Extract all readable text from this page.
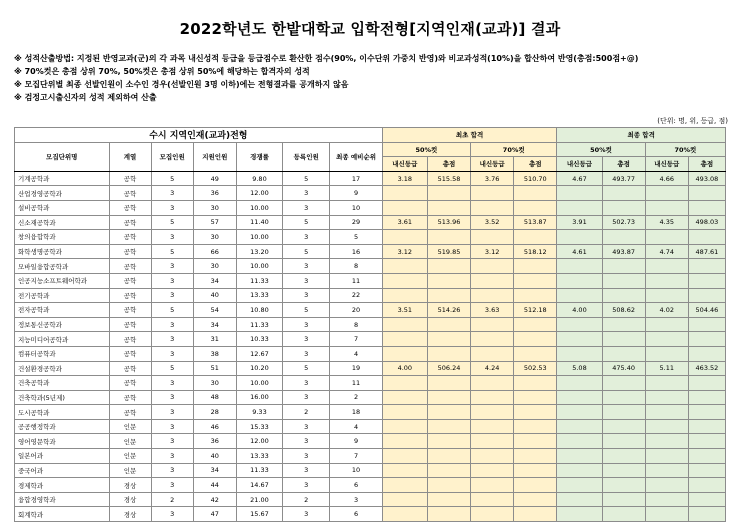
2022학년도 한밭대학교 입학전형[지역인재(교과)] 결과
※ 성적산출방법: 지정된 반영교과(군)의 각 과목 내신성적 등급을 등급점수로 환산한 점수(90%, 이수단위 가중치 반영)와 비교과성적(10%)을 합산하여 반영(총점:500점+@)
※ 70%컷은 총점 상위 70%, 50%컷은 총점 상위 50%에 해당하는 합격자의 성적
※ 모집단위별 최종 선발인원이 소수인 경우(선발인원 3명 이하)에는 전형결과를 공개하지 않음
※ 검정고시출신자의 성적 제외하여 산출
(단위: 명, 위, 등급, 점)
수시 지역인재(교과)전형							최초 합격				최종 합격			
모집단위명	계열	모집인원	지원인원	경쟁률	등록인원	최종 예비순위	50%컷		70%컷		50%컷		70%컷	
							내신등급	총점	내신등급	총점	내신등급	총점	내신등급	총점
기계공학과	공학	5	49	9.80	5	17	3.18	515.58	3.76	510.70	4.67	493.77	4.66	493.08
산업경영공학과	공학	3	36	12.00	3	9								
설비공학과	공학	3	30	10.00	3	10								
신소재공학과	공학	5	57	11.40	5	29	3.61	513.96	3.52	513.87	3.91	502.73	4.35	498.03
창의융합학과	공학	3	30	10.00	3	5								
화학생명공학과	공학	5	66	13.20	5	16	3.12	519.85	3.12	518.12	4.61	493.87	4.74	487.61
모바일융합공학과	공학	3	30	10.00	3	8								
인공지능소프트웨어학과	공학	3	34	11.33	3	11								
전기공학과	공학	3	40	13.33	3	22								
전자공학과	공학	5	54	10.80	5	20	3.51	514.26	3.63	512.18	4.00	508.62	4.02	504.46
정보통신공학과	공학	3	34	11.33	3	8								
지능미디어공학과	공학	3	31	10.33	3	7								
컴퓨터공학과	공학	3	38	12.67	3	4								
건설환경공학과	공학	5	51	10.20	5	19	4.00	506.24	4.24	502.53	5.08	475.40	5.11	463.52
건축공학과	공학	3	30	10.00	3	11								
건축학과(5년제)	공학	3	48	16.00	3	2								
도시공학과	공학	3	28	9.33	2	18								
공공행정학과	인문	3	46	15.33	3	4								
영어영문학과	인문	3	36	12.00	3	9								
일본어과	인문	3	40	13.33	3	7								
중국어과	인문	3	34	11.33	3	10								
경제학과	경상	3	44	14.67	3	6								
융합경영학과	경상	2	42	21.00	2	3								
회계학과	경상	3	47	15.67	3	6								
